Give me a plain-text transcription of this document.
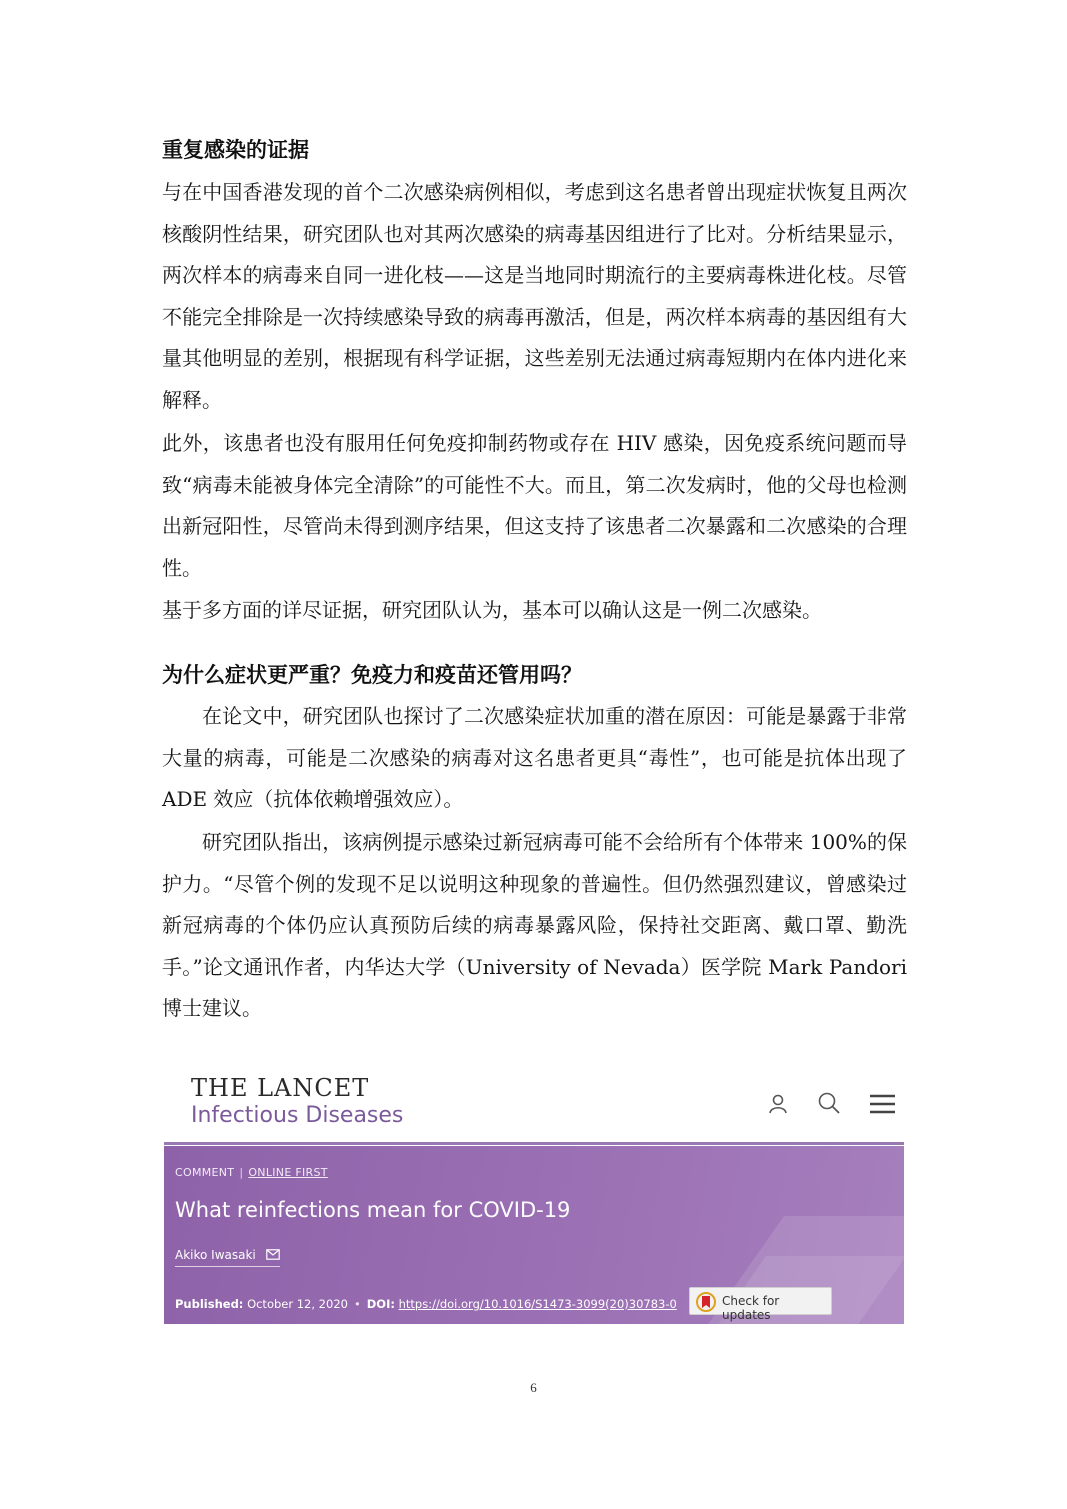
重复感染的证据

与在中国香港发现的首个二次感染病例相似，考虑到这名患者曾出现症状恢复且两次核酸阴性结果，研究团队也对其两次感染的病毒基因组进行了比对。分析结果显示，两次样本的病毒来自同一进化枝——这是当地同时期流行的主要病毒株进化枝。尽管不能完全排除是一次持续感染导致的病毒再激活，但是，两次样本病毒的基因组有大量其他明显的差别，根据现有科学证据，这些差别无法通过病毒短期内在体内进化来解释。

此外，该患者也没有服用任何免疫抑制药物或存在 HIV 感染，因免疫系统问题而导致“病毒未能被身体完全清除”的可能性不大。而且，第二次发病时，他的父母也检测出新冠阳性，尽管尚未得到测序结果，但这支持了该患者二次暴露和二次感染的合理性。

基于多方面的详尽证据，研究团队认为，基本可以确认这是一例二次感染。

为什么症状更严重？免疫力和疫苗还管用吗？

在论文中，研究团队也探讨了二次感染症状加重的潜在原因：可能是暴露于非常大量的病毒，可能是二次感染的病毒对这名患者更具“毒性”，也可能是抗体出现了 ADE 效应（抗体依赖增强效应）。

研究团队指出，该病例提示感染过新冠病毒可能不会给所有个体带来 100%的保护力。“尽管个例的发现不足以说明这种现象的普遍性。但仍然强烈建议，曾感染过新冠病毒的个体仍应认真预防后续的病毒暴露风险，保持社交距离、戴口罩、勤洗手。”论文通讯作者，内华达大学（University of Nevada）医学院 Mark Pandori 博士建议。

THE LANCET
Infectious Diseases
COMMENT | ONLINE FIRST
What reinfections mean for COVID-19
Akiko Iwasaki
Published: October 12, 2020 • DOI: https://doi.org/10.1016/S1473-3099(20)30783-0	Check for updates
6
